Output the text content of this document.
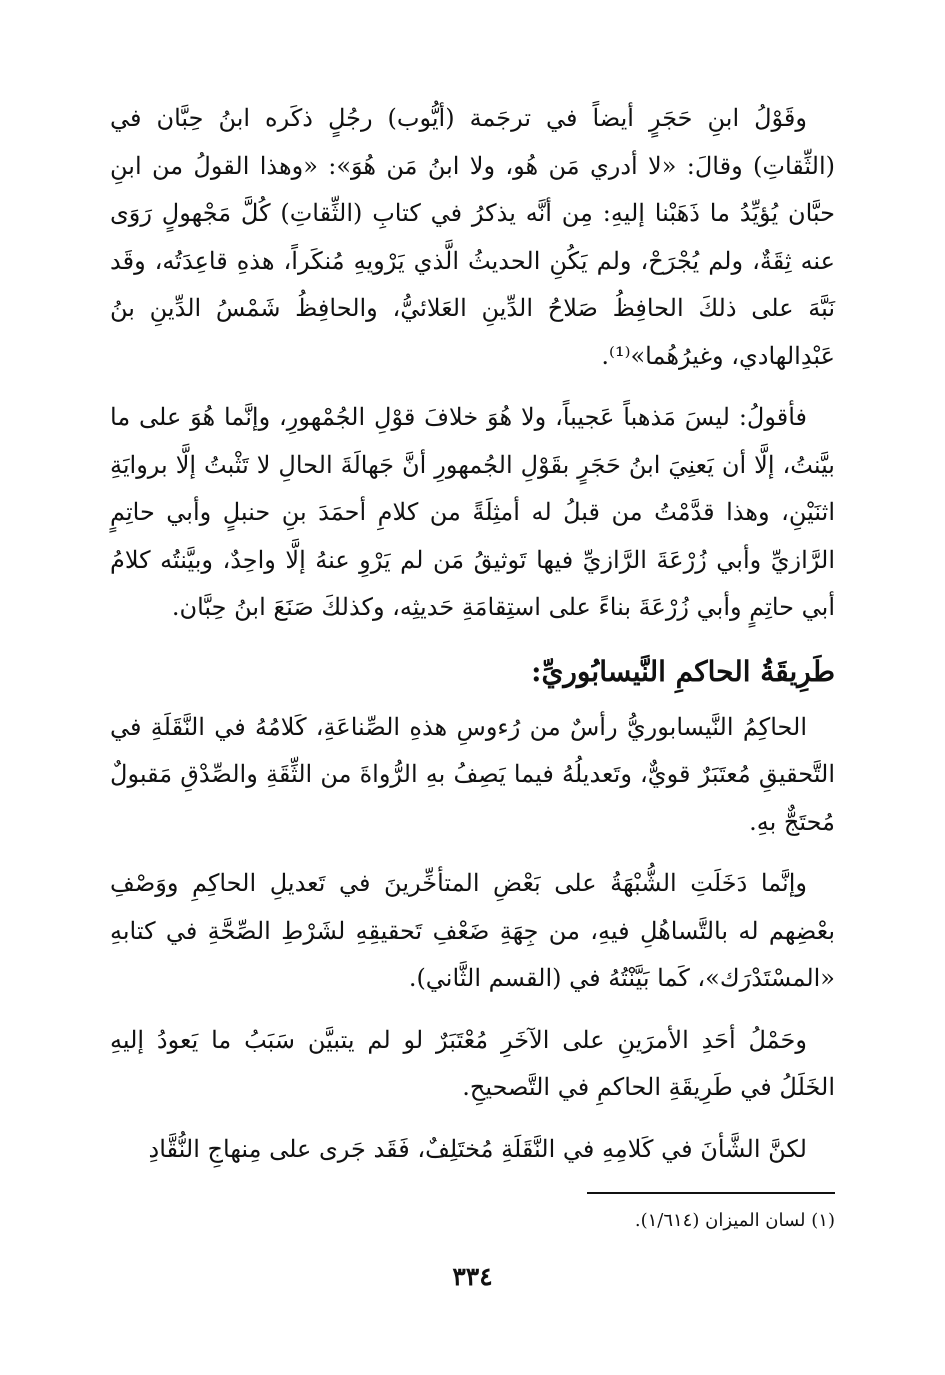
وقَوْلُ ابنِ حَجَرٍ أيضاً في ترجَمة (أيُّوب) رجُلٍ ذكَره ابنُ حِبَّان في (الثِّقاتِ) وقالَ: «لا أدري مَن هُو، ولا ابنُ مَن هُوَ»: «وهذا القولُ من ابنِ حبَّان يُؤيِّدُ ما ذَهَبْنا إليهِ: مِن أنَّه يذكرُ في كتابِ (الثِّقاتِ) كُلَّ مَجْهولٍ رَوَى عنه ثِقَةٌ، ولم يُجْرَحْ، ولم يَكُنِ الحديثُ الَّذي يَرْويهِ مُنكَراً، هذهِ قاعِدَتُه، وقَد نَبَّهَ على ذلكَ الحافِظُ صَلاحُ الدِّينِ العَلائيُّ، والحافِظُ شَمْسُ الدِّينِ بنُ عَبْدِالهادي، وغيرُهُما»⁽¹⁾.

فأقولُ: ليسَ مَذهباً عَجيباً، ولا هُوَ خلافَ قوْلِ الجُمْهورِ، وإنَّما هُوَ على ما بيَّنتُ، إلَّا أن يَعنِيَ ابنُ حَجَرٍ بقَوْلِ الجُمهورِ أنَّ جَهالَةَ الحالِ لا تَثْبتُ إلَّا بروايَةِ اثنَيْنِ، وهذا قدَّمْتُ من قبلُ له أمثِلَةً من كلامِ أحمَدَ بنِ حنبلٍ وأبي حاتِمٍ الرَّازيِّ وأبي زُرْعَةَ الرَّازيِّ فيها تَوثيقُ مَن لم يَرْوِ عنهُ إلَّا واحِدٌ، وبيَّنتُه كلامُ أبي حاتِمٍ وأبي زُرْعَةَ بناءً على استِقامَةِ حَديثِه، وكذلكَ صَنَعَ ابنُ حِبَّان.

طَرِيقَةُ الحاكمِ النَّيسابُوريِّ:

الحاكِمُ النَّيسابوريُّ رأسٌ من رُءوسِ هذهِ الصِّناعَةِ، كَلامُهُ في النَّقَلَةِ في التَّحقيقِ مُعتَبَرٌ قويٌّ، وتَعديلُهُ فيما يَصِفُ بهِ الرُّواةَ من الثِّقَةِ والصِّدْقِ مَقبولٌ مُحتَجٌّ بهِ.

وإنَّما دَخَلَتِ الشُّبْهَةُ على بَعْضِ المتأخِّرينَ في تَعديلِ الحاكِمِ ووَصْفِ بعْضِهم له بالتَّساهُلِ فيهِ، من جِهَةِ ضَعْفِ تَحقيقِهِ لشَرْطِ الصِّحَّةِ في كتابهِ «المسْتَدْرَك»، كَما بَيَّنْتُهُ في (القسم الثَّاني).

وحَمْلُ أحَدِ الأمرَينِ على الآخَرِ مُعْتَبَرٌ لو لم يتبيَّن سَبَبُ ما يَعودُ إليهِ الخَلَلُ في طَرِيقَةِ الحاكمِ في التَّصحيحِ.

لكنَّ الشَّأنَ في كَلامِهِ في النَّقَلَةِ مُختَلِفٌ، فَقَد جَرى على مِنهاجِ النُّقَّادِ

(١) لسان الميزان (١/٦١٤).
٣٣٤
